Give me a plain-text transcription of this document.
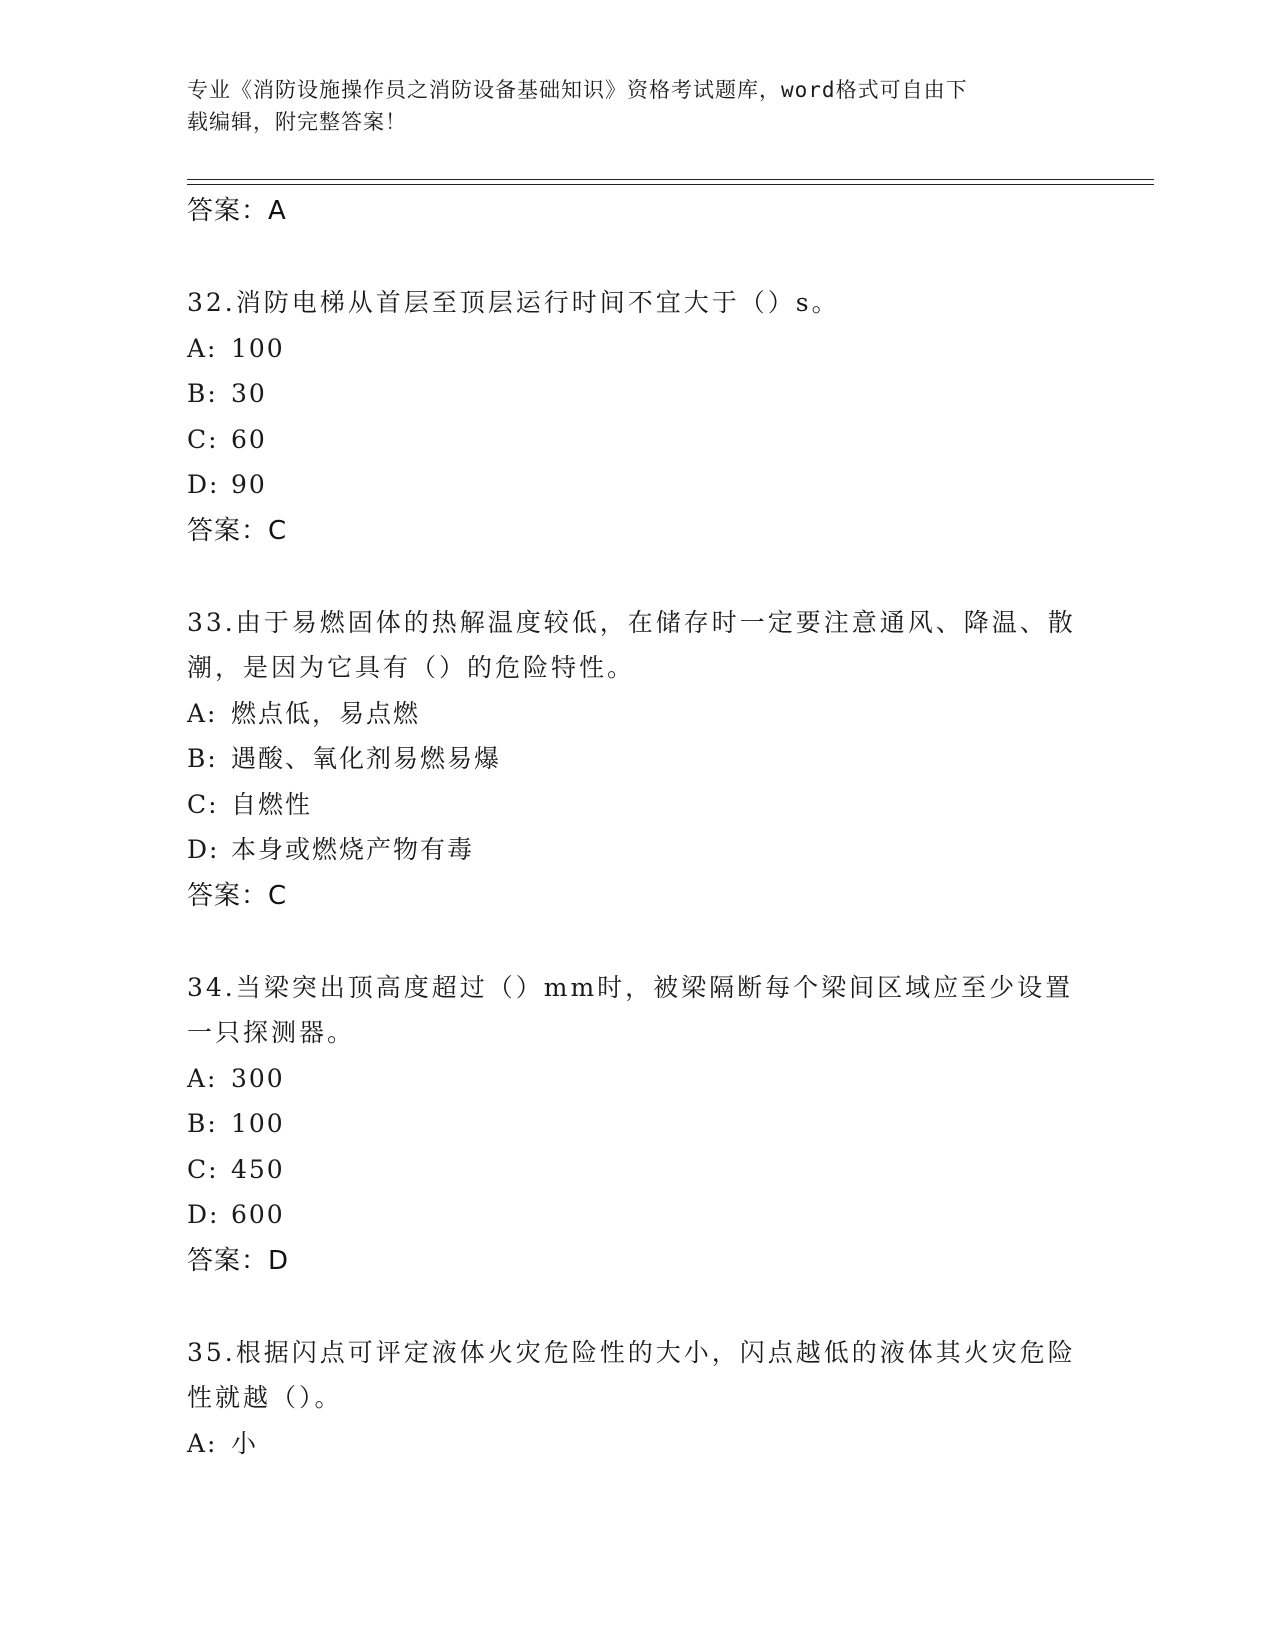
专业《消防设施操作员之消防设备基础知识》资格考试题库，word格式可自由下
载编辑，附完整答案！
答案：A
32.消防电梯从首层至顶层运行时间不宜大于（）s。
A: 100
B: 30
C: 60
D: 90
答案：C
33.由于易燃固体的热解温度较低，在储存时一定要注意通风、降温、散潮，是因为它具有（）的危险特性。
A: 燃点低，易点燃
B: 遇酸、氧化剂易燃易爆
C: 自燃性
D: 本身或燃烧产物有毒
答案：C
34.当梁突出顶高度超过（）mm时，被梁隔断每个梁间区域应至少设置一只探测器。
A: 300
B: 100
C: 450
D: 600
答案：D
35.根据闪点可评定液体火灾危险性的大小，闪点越低的液体其火灾危险性就越（）。
A: 小
